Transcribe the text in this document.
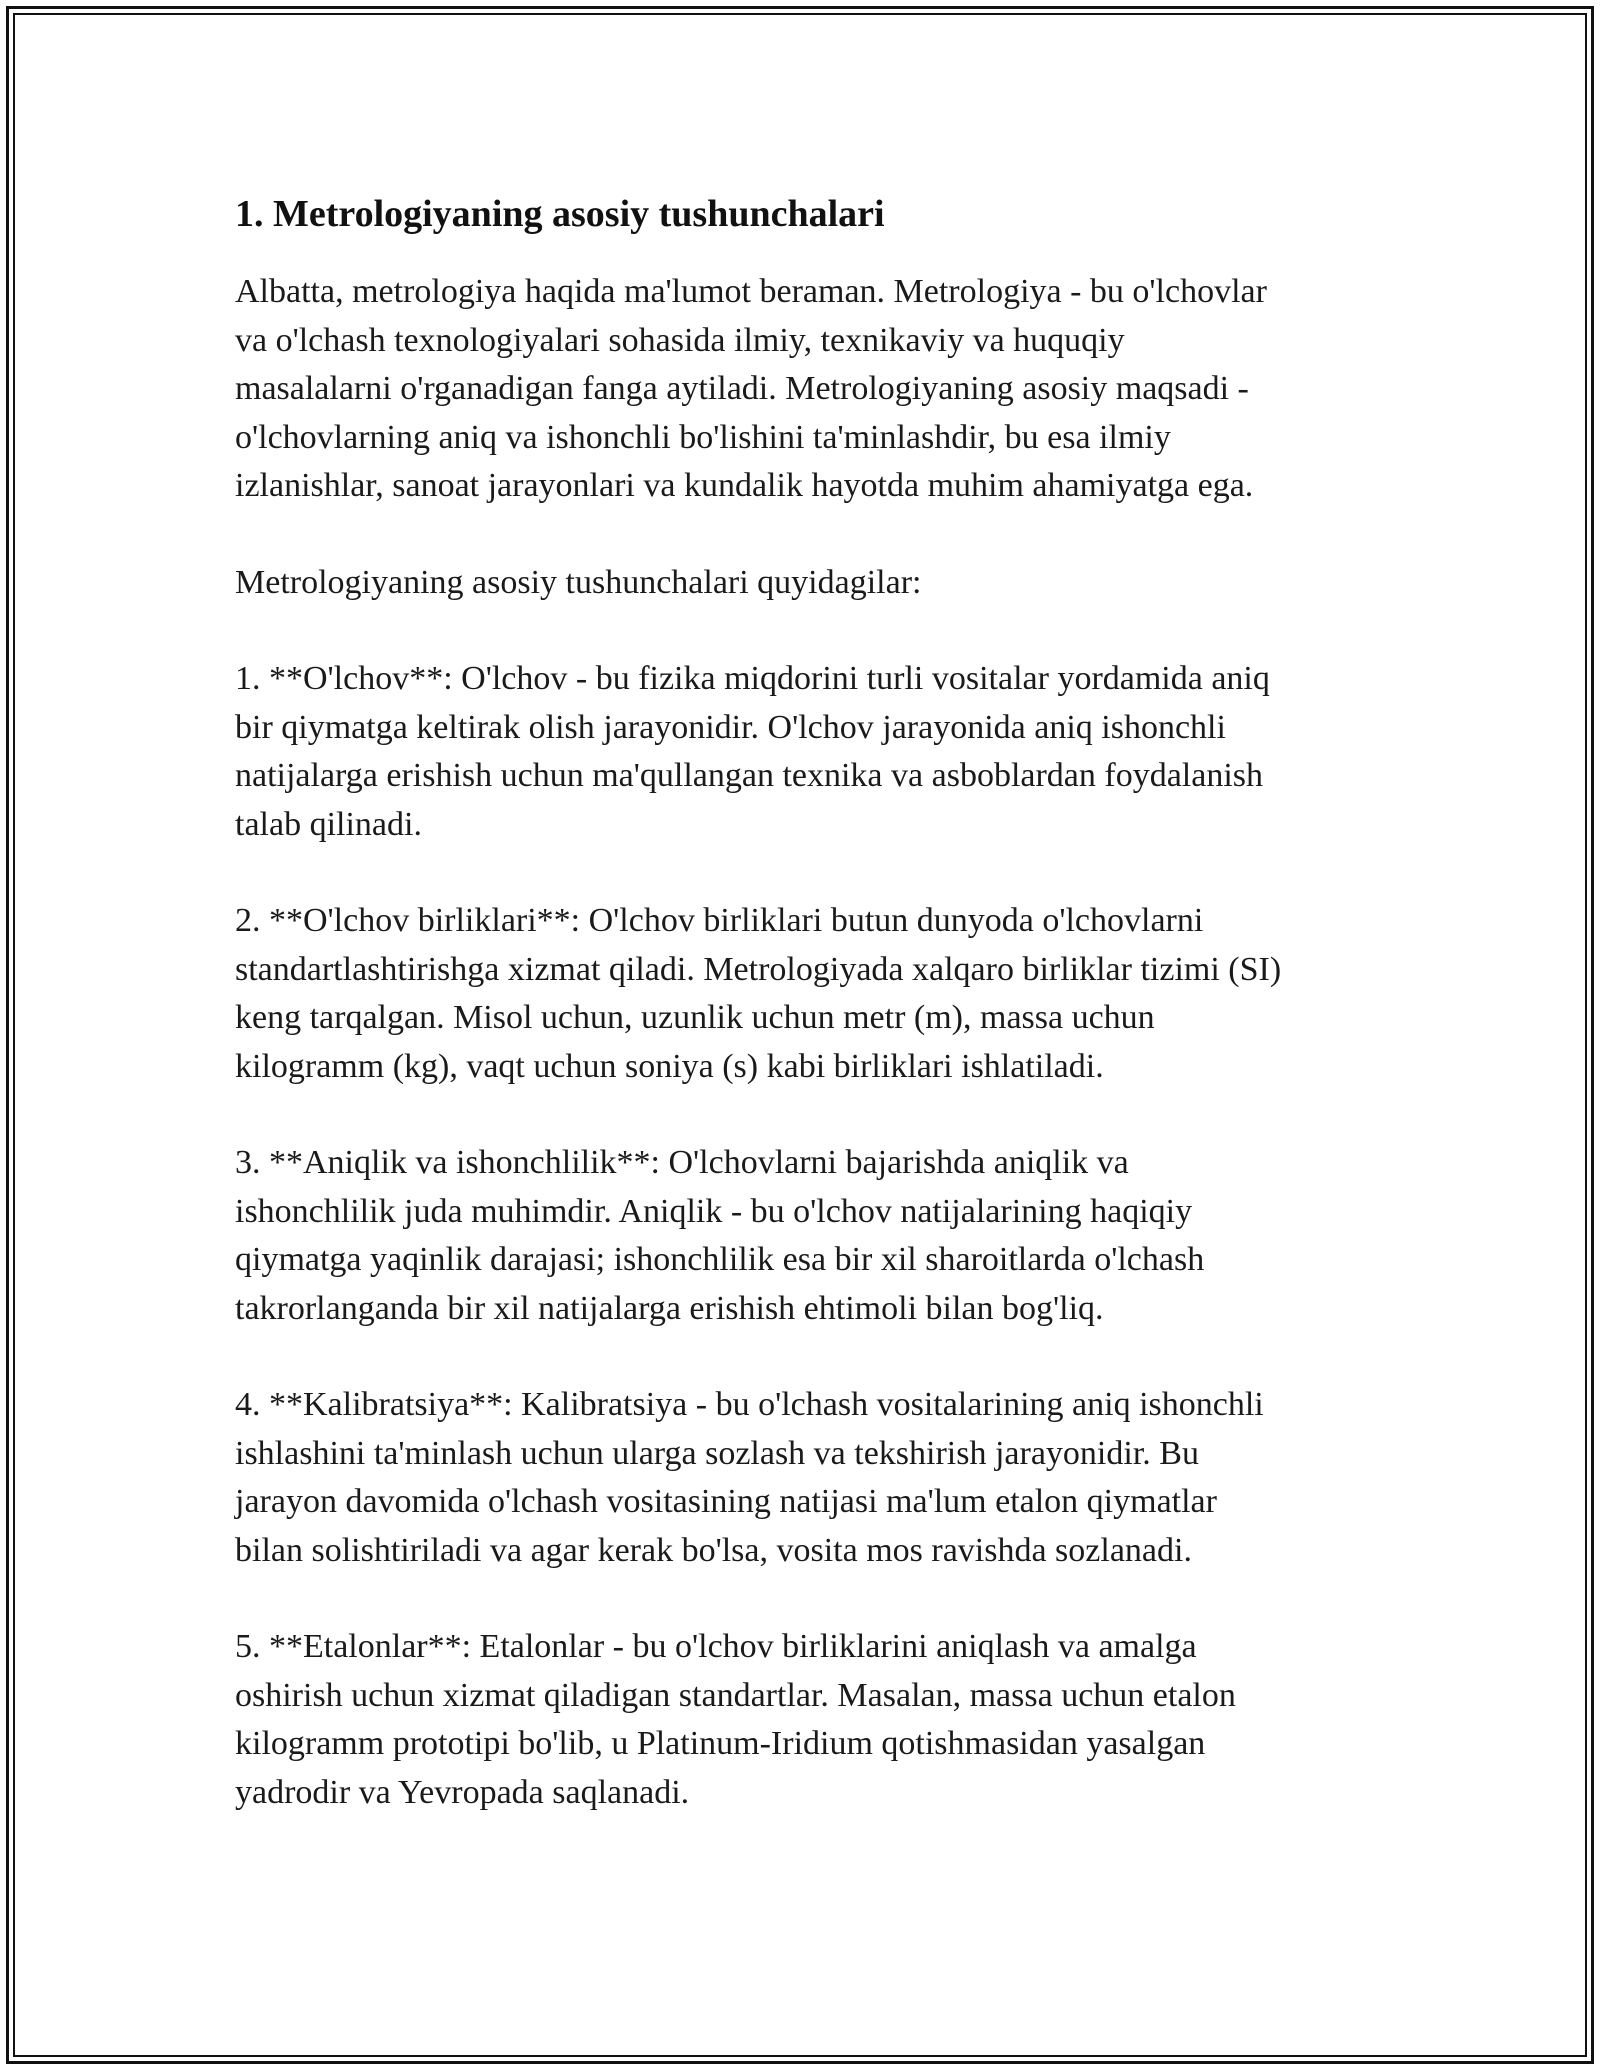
1. Metrologiyaning asosiy tushunchalari

Albatta, metrologiya haqida ma'lumot beraman. Metrologiya - bu o'lchovlar
va o'lchash texnologiyalari sohasida ilmiy, texnikaviy va huquqiy
masalalarni o'rganadigan fanga aytiladi. Metrologiyaning asosiy maqsadi -
o'lchovlarning aniq va ishonchli bo'lishini ta'minlashdir, bu esa ilmiy
izlanishlar, sanoat jarayonlari va kundalik hayotda muhim ahamiyatga ega.

Metrologiyaning asosiy tushunchalari quyidagilar:

1. **O'lchov**: O'lchov - bu fizika miqdorini turli vositalar yordamida aniq
bir qiymatga keltirak olish jarayonidir. O'lchov jarayonida aniq ishonchli
natijalarga erishish uchun ma'qullangan texnika va asboblardan foydalanish
talab qilinadi.

2. **O'lchov birliklari**: O'lchov birliklari butun dunyoda o'lchovlarni
standartlashtirishga xizmat qiladi. Metrologiyada xalqaro birliklar tizimi (SI)
keng tarqalgan. Misol uchun, uzunlik uchun metr (m), massa uchun
kilogramm (kg), vaqt uchun soniya (s) kabi birliklari ishlatiladi.

3. **Aniqlik va ishonchlilik**: O'lchovlarni bajarishda aniqlik va
ishonchlilik juda muhimdir. Aniqlik - bu o'lchov natijalarining haqiqiy
qiymatga yaqinlik darajasi; ishonchlilik esa bir xil sharoitlarda o'lchash
takrorlanganda bir xil natijalarga erishish ehtimoli bilan bog'liq.

4. **Kalibratsiya**: Kalibratsiya - bu o'lchash vositalarining aniq ishonchli
ishlashini ta'minlash uchun ularga sozlash va tekshirish jarayonidir. Bu
jarayon davomida o'lchash vositasining natijasi ma'lum etalon qiymatlar
bilan solishtiriladi va agar kerak bo'lsa, vosita mos ravishda sozlanadi.

5. **Etalonlar**: Etalonlar - bu o'lchov birliklarini aniqlash va amalga
oshirish uchun xizmat qiladigan standartlar. Masalan, massa uchun etalon
kilogramm prototipi bo'lib, u Platinum-Iridium qotishmasidan yasalgan
yadrodir va Yevropada saqlanadi.
